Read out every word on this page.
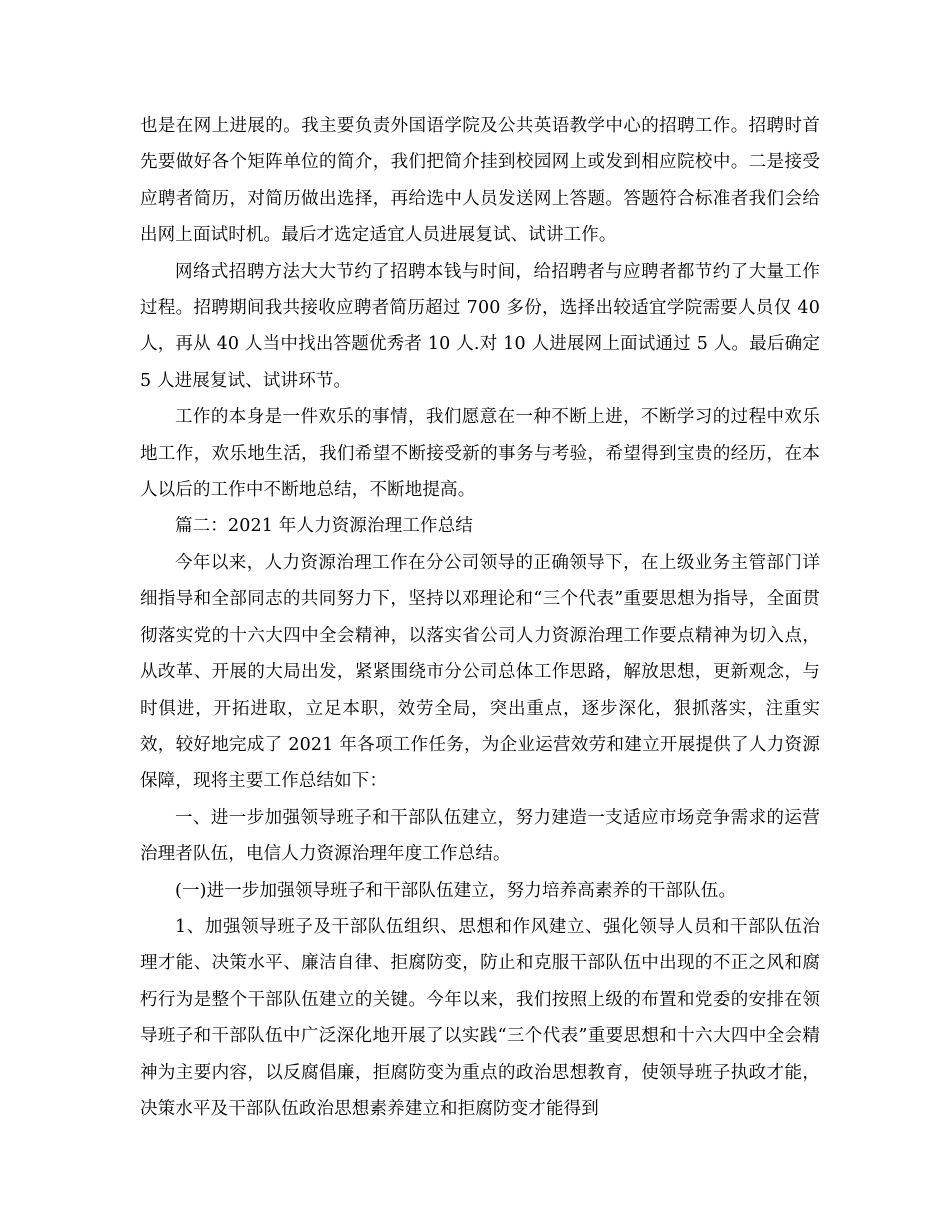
也是在网上进展的。我主要负责外国语学院及公共英语教学中心的招聘工作。招聘时首先要做好各个矩阵单位的简介，我们把简介挂到校园网上或发到相应院校中。二是接受应聘者简历，对简历做出选择，再给选中人员发送网上答题。答题符合标准者我们会给出网上面试时机。最后才选定适宜人员进展复试、试讲工作。

网络式招聘方法大大节约了招聘本钱与时间，给招聘者与应聘者都节约了大量工作过程。招聘期间我共接收应聘者简历超过 700 多份，选择出较适宜学院需要人员仅 40 人，再从 40 人当中找出答题优秀者 10 人.对 10 人进展网上面试通过 5 人。最后确定 5 人进展复试、试讲环节。

工作的本身是一件欢乐的事情，我们愿意在一种不断上进，不断学习的过程中欢乐地工作，欢乐地生活，我们希望不断接受新的事务与考验，希望得到宝贵的经历，在本人以后的工作中不断地总结，不断地提高。

篇二：2021 年人力资源治理工作总结

今年以来，人力资源治理工作在分公司领导的正确领导下，在上级业务主管部门详细指导和全部同志的共同努力下，坚持以邓理论和“三个代表”重要思想为指导，全面贯彻落实党的十六大四中全会精神，以落实省公司人力资源治理工作要点精神为切入点，从改革、开展的大局出发，紧紧围绕市分公司总体工作思路，解放思想，更新观念，与时俱进，开拓进取，立足本职，效劳全局，突出重点，逐步深化，狠抓落实，注重实效，较好地完成了 2021 年各项工作任务，为企业运营效劳和建立开展提供了人力资源保障，现将主要工作总结如下：

一、进一步加强领导班子和干部队伍建立，努力建造一支适应市场竞争需求的运营治理者队伍，电信人力资源治理年度工作总结。

(一)进一步加强领导班子和干部队伍建立，努力培养高素养的干部队伍。

1、加强领导班子及干部队伍组织、思想和作风建立、强化领导人员和干部队伍治理才能、决策水平、廉洁自律、拒腐防变，防止和克服干部队伍中出现的不正之风和腐朽行为是整个干部队伍建立的关键。今年以来，我们按照上级的布置和党委的安排在领导班子和干部队伍中广泛深化地开展了以实践“三个代表”重要思想和十六大四中全会精神为主要内容，以反腐倡廉，拒腐防变为重点的政治思想教育，使领导班子执政才能，决策水平及干部队伍政治思想素养建立和拒腐防变才能得到
